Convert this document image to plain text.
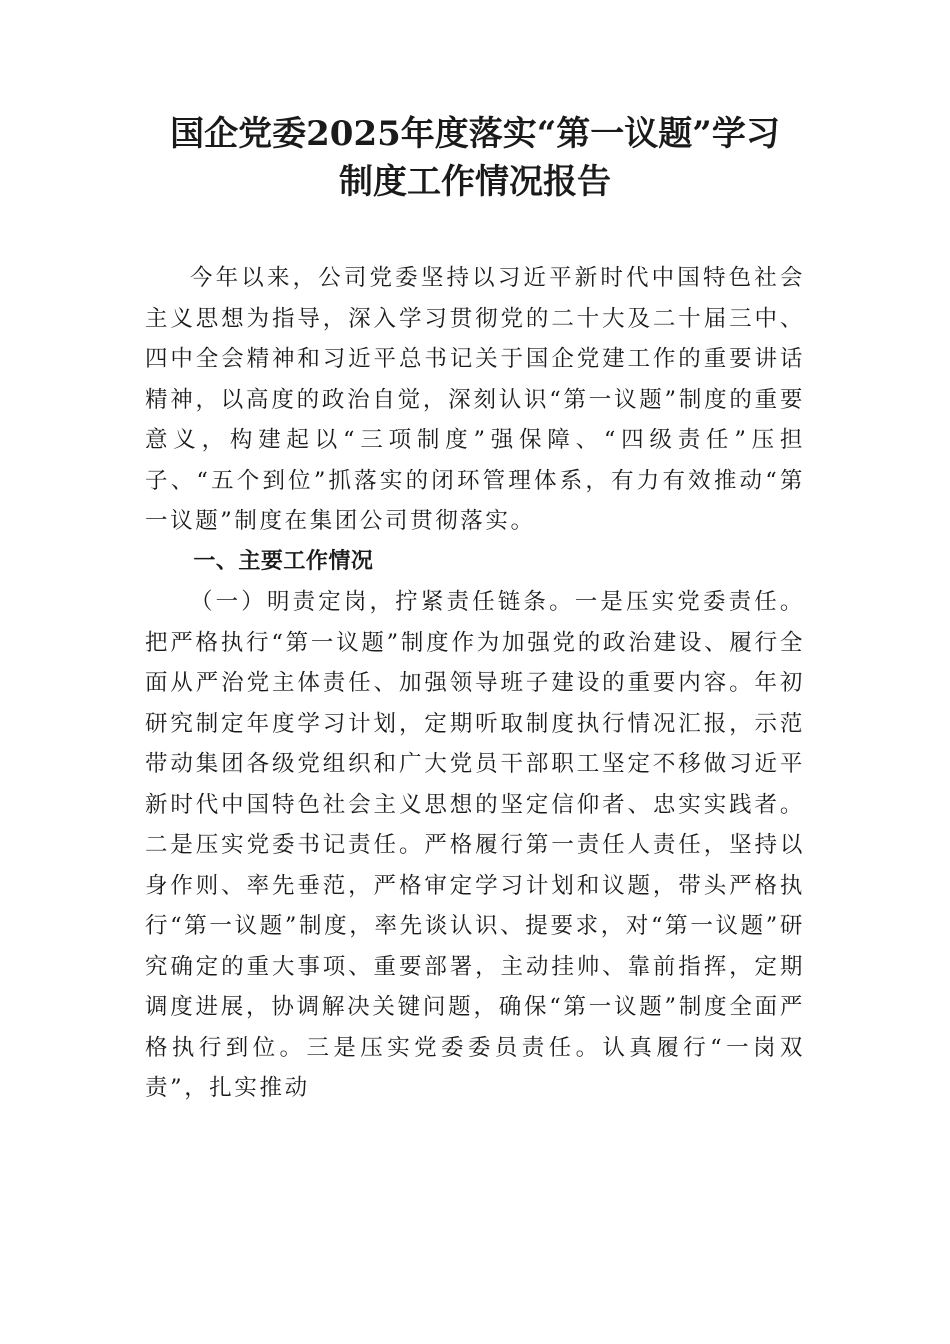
国企党委2025年度落实“第一议题”学习
制度工作情况报告

今年以来，公司党委坚持以习近平新时代中国特色社会主义思想为指导，深入学习贯彻党的二十大及二十届三中、四中全会精神和习近平总书记关于国企党建工作的重要讲话精神，以高度的政治自觉，深刻认识“第一议题”制度的重要意义，构建起以“三项制度”强保障、“四级责任”压担子、“五个到位”抓落实的闭环管理体系，有力有效推动“第一议题”制度在集团公司贯彻落实。

一、主要工作情况

（一）明责定岗，拧紧责任链条。一是压实党委责任。把严格执行“第一议题”制度作为加强党的政治建设、履行全面从严治党主体责任、加强领导班子建设的重要内容。年初研究制定年度学习计划，定期听取制度执行情况汇报，示范带动集团各级党组织和广大党员干部职工坚定不移做习近平新时代中国特色社会主义思想的坚定信仰者、忠实实践者。二是压实党委书记责任。严格履行第一责任人责任，坚持以身作则、率先垂范，严格审定学习计划和议题，带头严格执行“第一议题”制度，率先谈认识、提要求，对“第一议题”研究确定的重大事项、重要部署，主动挂帅、靠前指挥，定期调度进展，协调解决关键问题，确保“第一议题”制度全面严格执行到位。三是压实党委委员责任。认真履行“一岗双责”，扎实推动
